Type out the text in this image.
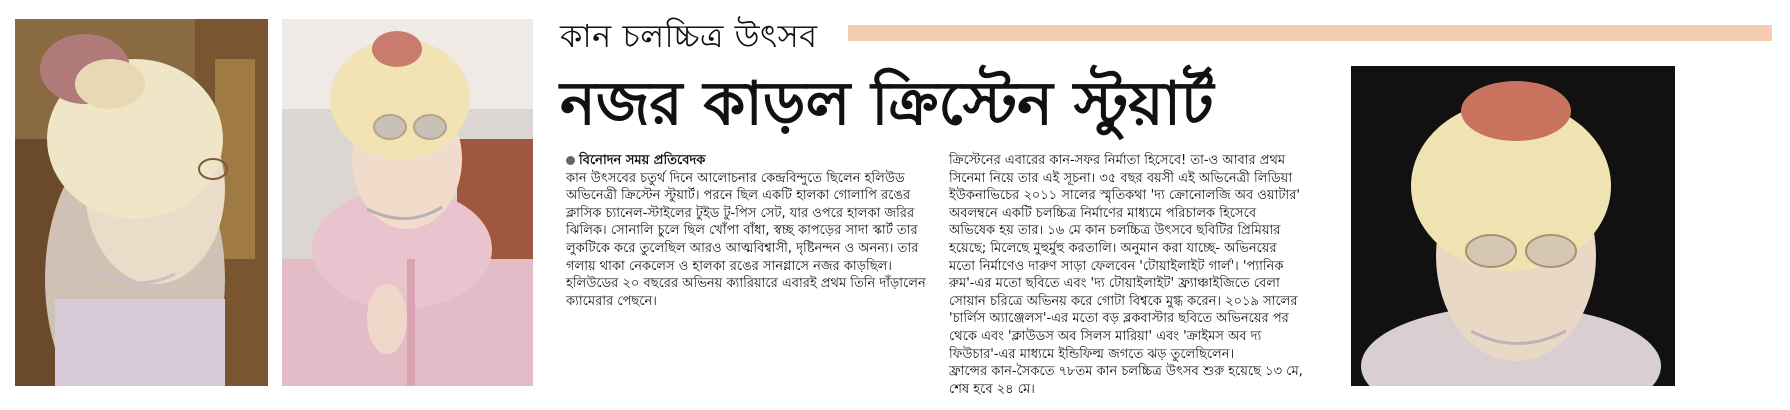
কান চলচ্চিত্র উৎসব
নজর কাড়ল ক্রিস্টেন স্টুয়ার্ট

বিনোদন সময় প্রতিবেদক

কান উৎসবের চতুর্থ দিনে আলোচনার কেন্দ্রবিন্দুতে ছিলেন হলিউড অভিনেত্রী ক্রিস্টেন স্টুয়ার্ট। পরনে ছিল একটি হালকা গোলাপি রঙের ক্লাসিক চ্যানেল-স্টাইলের টুইড টু-পিস সেট, যার ওপরে হালকা জরির ঝিলিক। সোনালি চুলে ছিল খোঁপা বাঁধা, স্বচ্ছ কাপড়ের সাদা স্কার্ট তার লুকটিকে করে তুলেছিল আরও আত্মবিশ্বাসী, দৃষ্টিনন্দন ও অনন্য। তার গলায় থাকা নেকলেস ও হালকা রঙের সানগ্লাসে নজর কাড়ছিল। হলিউডের ২০ বছরের অভিনয় ক্যারিয়ারে এবারই প্রথম তিনি দাঁড়ালেন ক্যামেরার পেছনে।

ক্রিস্টেনের এবারের কান-সফর নির্মাতা হিসেবে! তা-ও আবার প্রথম সিনেমা নিয়ে তার এই সূচনা। ৩৫ বছর বয়সী এই অভিনেত্রী লিডিয়া ইউকনাভিচের ২০১১ সালের স্মৃতিকথা 'দ্য ক্রোনোলজি অব ওয়াটার' অবলম্বনে একটি চলচ্চিত্র নির্মাণের মাধ্যমে পরিচালক হিসেবে অভিষেক হয় তার। ১৬ মে কান চলচ্চিত্র উৎসবে ছবিটির প্রিমিয়ার হয়েছে; মিলেছে মুহুর্মুহু করতালি। অনুমান করা যাচ্ছে- অভিনয়ের মতো নির্মাণেও দারুণ সাড়া ফেলবেন 'টোয়াইলাইট গার্ল'। 'প্যানিক রুম'-এর মতো ছবিতে এবং 'দ্য টোয়াইলাইট' ফ্র্যাঞ্চাইজিতে বেলা সোয়ান চরিত্রে অভিনয় করে গোটা বিশ্বকে মুগ্ধ করেন। ২০১৯ সালের 'চার্লিস অ্যাঞ্জেলস'-এর মতো বড় ব্লকবাস্টার ছবিতে অভিনয়ের পর থেকে এবং 'ক্লাউডস অব সিলস মারিয়া' এবং 'ক্রাইমস অব দ্য ফিউচার'-এর মাধ্যমে ইন্ডিফিল্ম জগতে ঝড় তুলেছিলেন।

ফ্রান্সের কান-সৈকতে ৭৮তম কান চলচ্চিত্র উৎসব শুরু হয়েছে ১৩ মে, শেষ হবে ২৪ মে।
